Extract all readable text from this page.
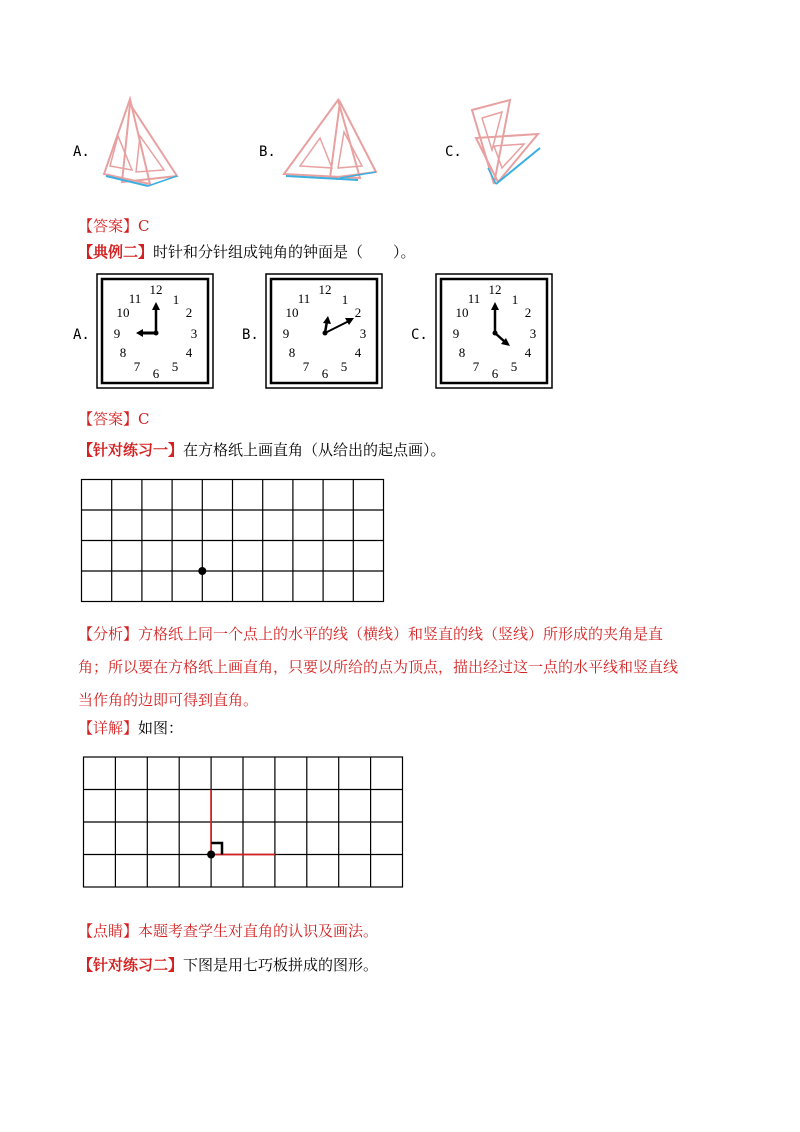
A.	B.	C.
【答案】C
【典例二】时针和分针组成钝角的钟面是（　　）。
A.
12
1
2
3
4
5
6
7
8
9
10
11
B.
12
1
2
3
4
5
6
7
8
9
10
11
C.
12
1
2
3
4
5
6
7
8
9
10
11
【答案】C
【针对练习一】在方格纸上画直角（从给出的起点画）。
【分析】方格纸上同一个点上的水平的线（横线）和竖直的线（竖线）所形成的夹角是直
角；所以要在方格纸上画直角，只要以所给的点为顶点，描出经过这一点的水平线和竖直线
当作角的边即可得到直角。
【详解】如图：
【点睛】本题考查学生对直角的认识及画法。
【针对练习二】下图是用七巧板拼成的图形。
